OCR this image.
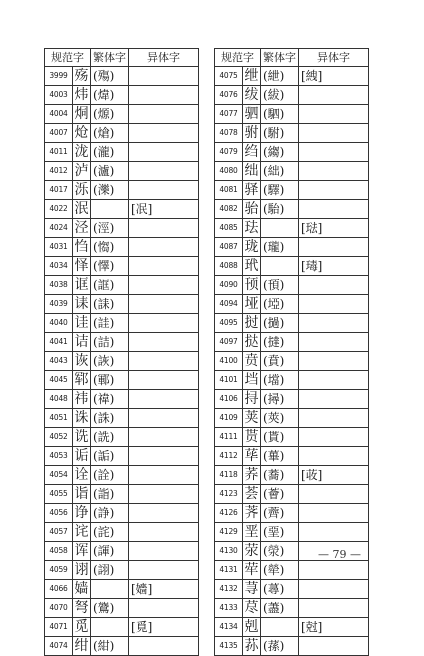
规范字		繁体字	异体字
3999	殇	(殤)	
4003	炜	(煒)	
4004	烔	(㷧)	
4007	炝	(熗)	
4011	泷	(瀧)	
4012	泸	(瀘)	
4017	泺	(濼)	
4022	泯		[冺]
4024	泾	(涇)	
4031	㤘	(㥮)	
4034	怿	(懌)	
4038	诓	(誆)	
4039	诔	(誄)	
4040	诖	(詿)	
4041	诘	(詰)	
4043	诙	(詼)	
4045	郓	(鄆)	
4048	祎	(禕)	
4051	诛	(誅)	
4052	诜	(詵)	
4053	诟	(詬)	
4054	诠	(詮)	
4055	诣	(詣)	
4056	诤	(諍)	
4057	诧	(詫)	
4058	诨	(諢)	
4059	诩	(詡)	
4066	嫱		[嬙]
4070	弩	(鷟)	
4071	觅		[覓]
4074	绀	(紺)	
规范字		繁体字	异体字
4075	绁	(紲)	[絏]
4076	绂	(紱)	
4077	驷	(駟)	
4078	驸	(駙)	
4079	绉	(縐)	
4080	绌	(絀)	
4081	驿	(驛)	
4082	骀	(駘)	
4085	珐		[琺]
4087	珑	(瓏)	
4088	玳		[瑇]
4090	顸	(頇)	
4094	垭	(埡)	
4095	挝	(撾)	
4097	挞	(撻)	
4100	贲	(賁)	
4101	垱	(壋)	
4106	挦	(撏)	
4109	荚	(莢)	
4111	贳	(貰)	
4112	荜	(蓽)	
4118	荞	(蕎)	[荍]
4123	荟	(薈)	
4126	荠	(薺)	
4129	垩	(堊)	
4130	荥	(滎)	
4131	荦	(犖)	
4132	荨	(蕁)	
4133	荩	(藎)	
4134	剋		[尅]
4135	荪	(蓀)	
— 79 —
